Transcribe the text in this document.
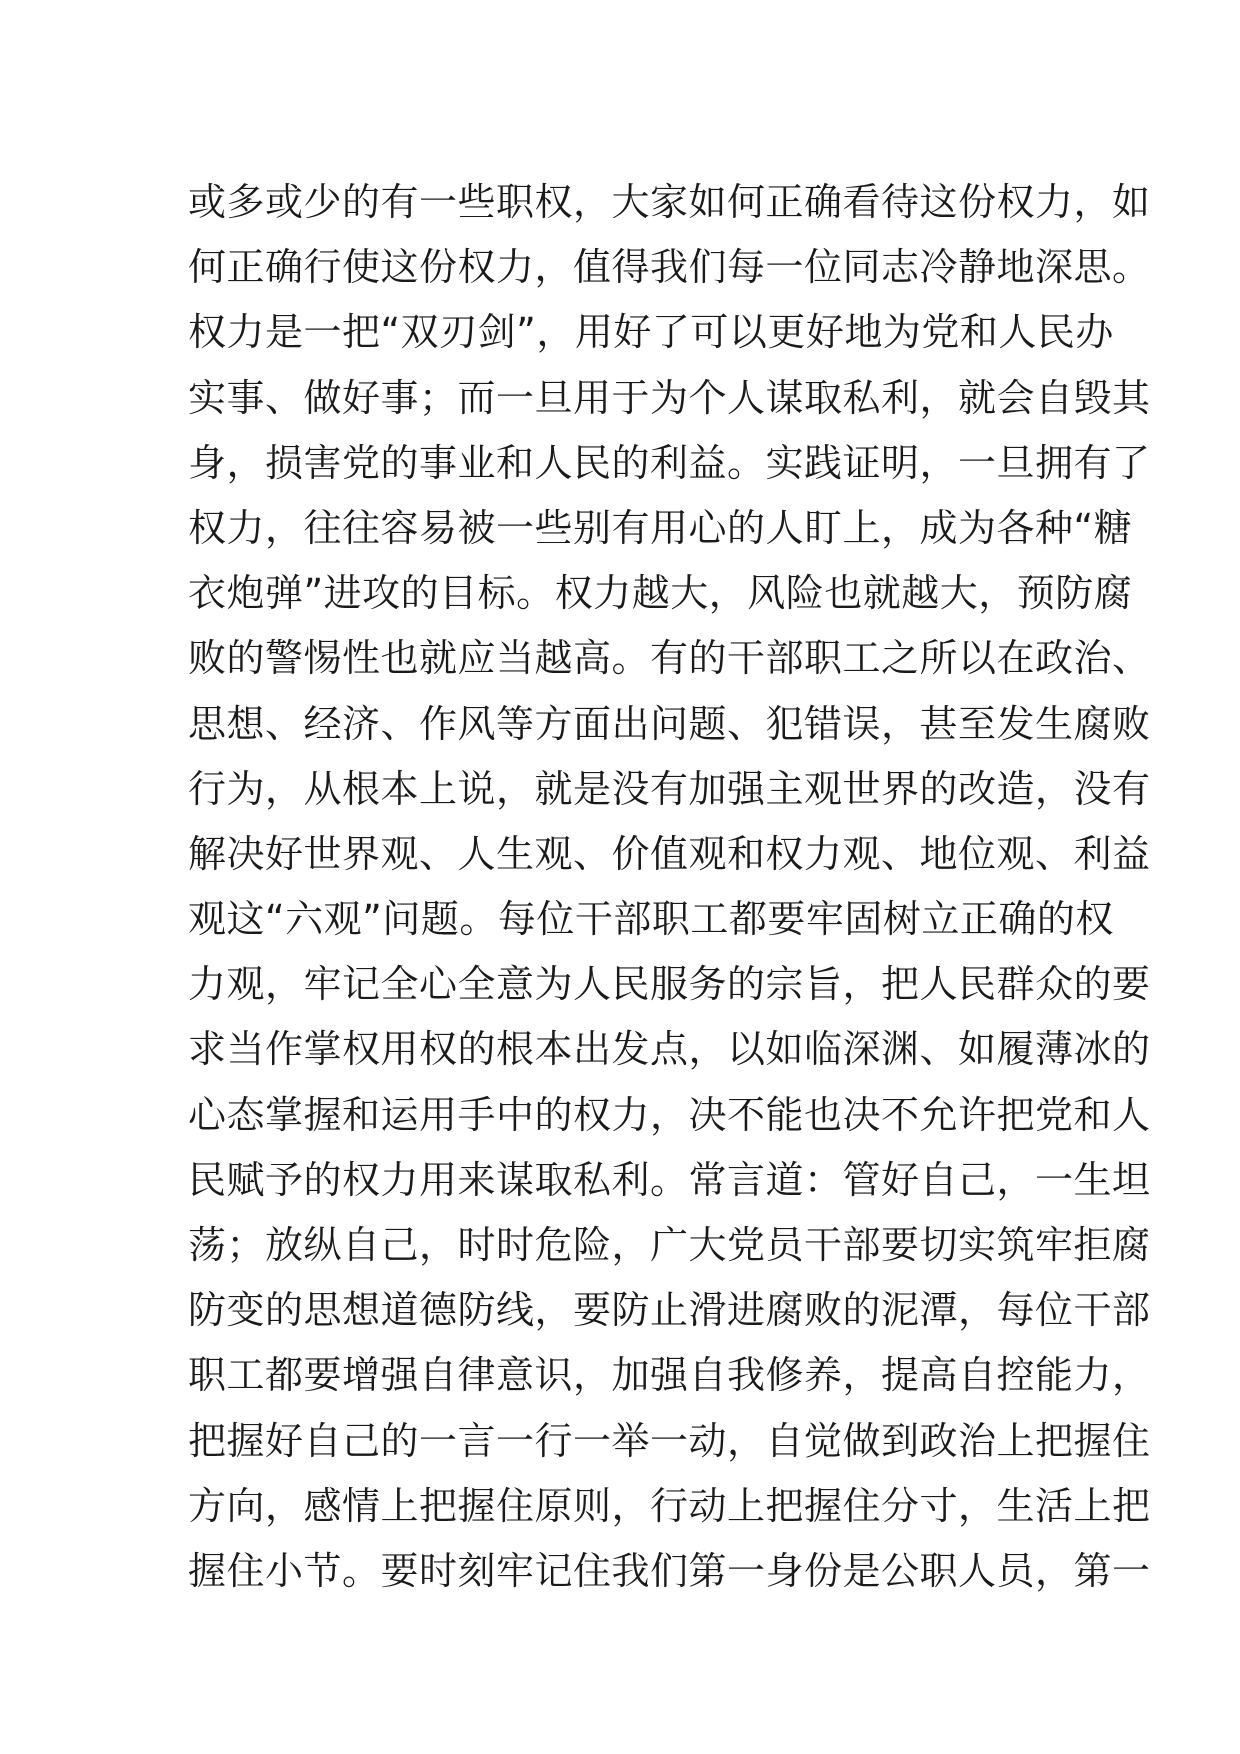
或多或少的有一些职权，大家如何正确看待这份权力，如
何正确行使这份权力，值得我们每一位同志冷静地深思。
权力是一把“双刃剑”，用好了可以更好地为党和人民办
实事、做好事；而一旦用于为个人谋取私利，就会自毁其
身，损害党的事业和人民的利益。实践证明，一旦拥有了
权力，往往容易被一些别有用心的人盯上，成为各种“糖
衣炮弹”进攻的目标。权力越大，风险也就越大，预防腐
败的警惕性也就应当越高。有的干部职工之所以在政治、
思想、经济、作风等方面出问题、犯错误，甚至发生腐败
行为，从根本上说，就是没有加强主观世界的改造，没有
解决好世界观、人生观、价值观和权力观、地位观、利益
观这“六观”问题。每位干部职工都要牢固树立正确的权
力观，牢记全心全意为人民服务的宗旨，把人民群众的要
求当作掌权用权的根本出发点，以如临深渊、如履薄冰的
心态掌握和运用手中的权力，决不能也决不允许把党和人
民赋予的权力用来谋取私利。常言道：管好自己，一生坦
荡；放纵自己，时时危险，广大党员干部要切实筑牢拒腐
防变的思想道德防线，要防止滑进腐败的泥潭，每位干部
职工都要增强自律意识，加强自我修养，提高自控能力，
把握好自己的一言一行一举一动，自觉做到政治上把握住
方向，感情上把握住原则，行动上把握住分寸，生活上把
握住小节。要时刻牢记住我们第一身份是公职人员，第一
